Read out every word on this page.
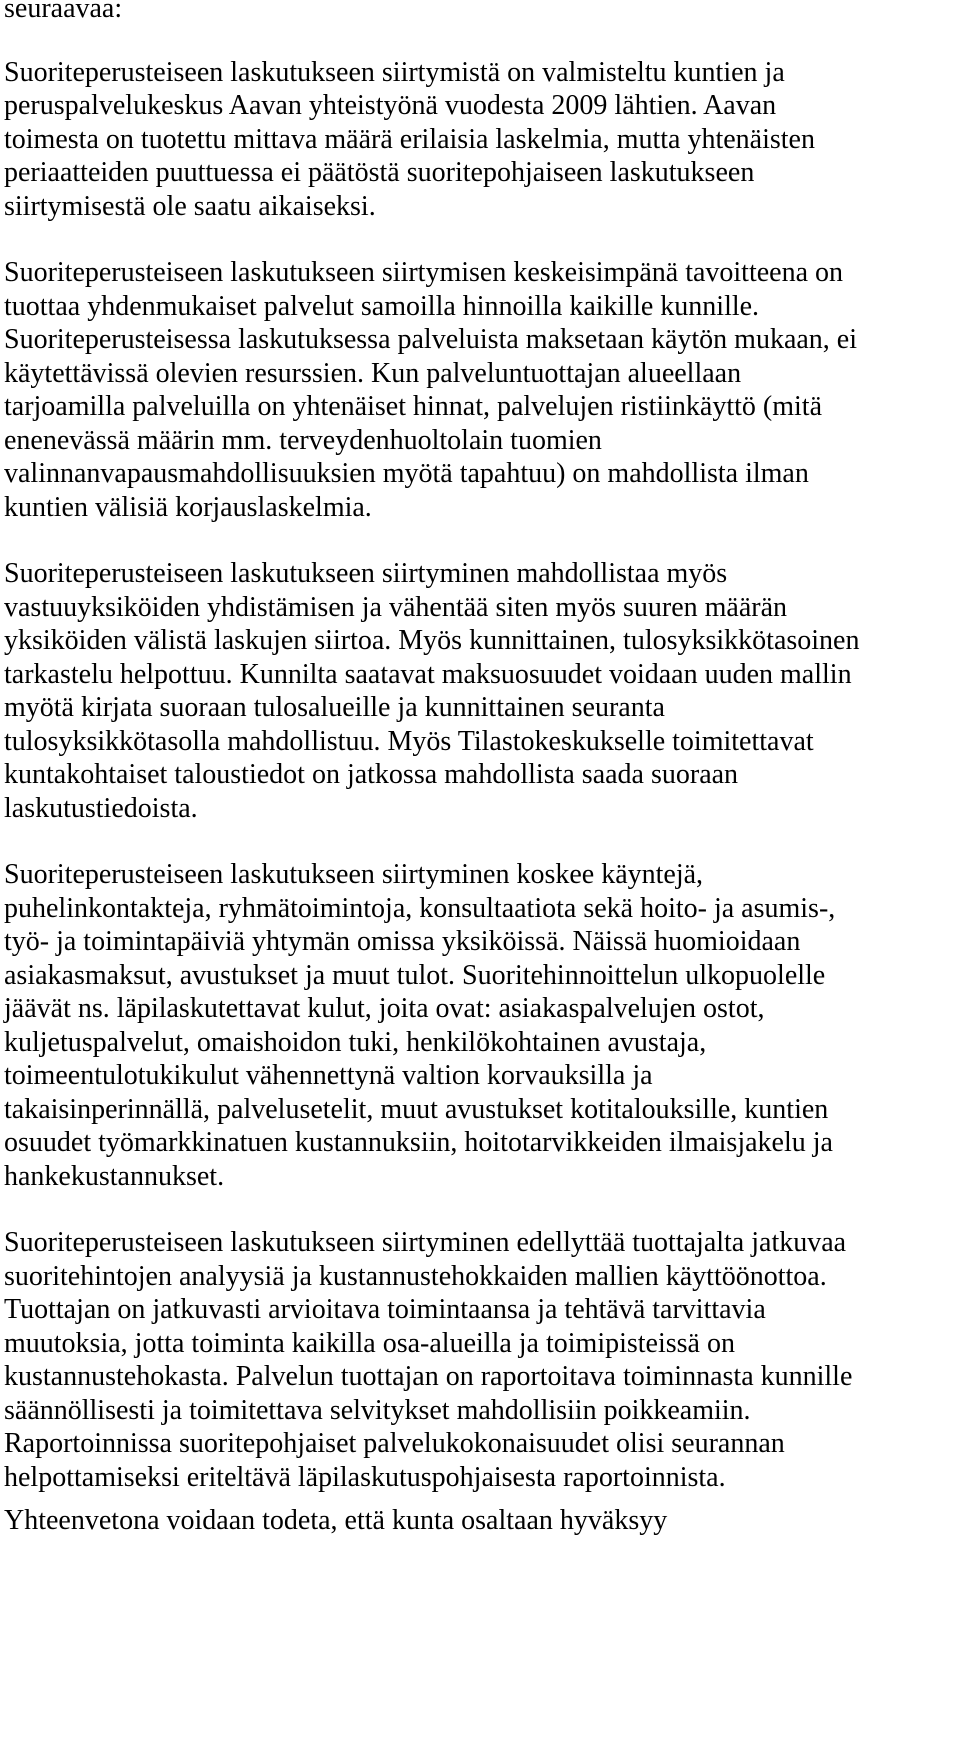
seuraavaa:
Suoriteperusteiseen laskutukseen siirtymistä on valmisteltu kuntien ja
peruspalvelukeskus Aavan yhteistyönä vuodesta 2009 lähtien. Aavan
toimesta on tuotettu mittava määrä erilaisia laskelmia, mutta yhtenäisten
periaatteiden puuttuessa ei päätöstä suoritepohjaiseen laskutukseen
siirtymisestä ole saatu aikaiseksi.
Suoriteperusteiseen laskutukseen siirtymisen keskeisimpänä tavoitteena on
tuottaa yhdenmukaiset palvelut samoilla hinnoilla kaikille kunnille.
Suoriteperusteisessa laskutuksessa palveluista maksetaan käytön mukaan, ei
käytettävissä olevien resurssien. Kun palveluntuottajan alueellaan
tarjoamilla palveluilla on yhtenäiset hinnat, palvelujen ristiinkäyttö (mitä
enenevässä määrin mm. terveydenhuoltolain tuomien
valinnanvapausmahdollisuuksien myötä tapahtuu) on mahdollista ilman
kuntien välisiä korjauslaskelmia.
Suoriteperusteiseen laskutukseen siirtyminen mahdollistaa myös
vastuuyksiköiden yhdistämisen ja vähentää siten myös suuren määrän
yksiköiden välistä laskujen siirtoa. Myös kunnittainen, tulosyksikkötasoinen
tarkastelu helpottuu. Kunnilta saatavat maksuosuudet voidaan uuden mallin
myötä kirjata suoraan tulosalueille ja kunnittainen seuranta
tulosyksikkötasolla mahdollistuu. Myös Tilastokeskukselle toimitettavat
kuntakohtaiset taloustiedot on jatkossa mahdollista saada suoraan
laskutustiedoista.
Suoriteperusteiseen laskutukseen siirtyminen koskee käyntejä,
puhelinkontakteja, ryhmätoimintoja, konsultaatiota sekä hoito- ja asumis-,
työ- ja toimintapäiviä yhtymän omissa yksiköissä. Näissä huomioidaan
asiakasmaksut, avustukset ja muut tulot. Suoritehinnoittelun ulkopuolelle
jäävät ns. läpilaskutettavat kulut, joita ovat: asiakaspalvelujen ostot,
kuljetuspalvelut, omaishoidon tuki, henkilökohtainen avustaja,
toimeentulotukikulut vähennettynä valtion korvauksilla ja
takaisinperinnällä, palvelusetelit, muut avustukset kotitalouksille, kuntien
osuudet työmarkkinatuen kustannuksiin, hoitotarvikkeiden ilmaisjakelu ja
hankekustannukset.
Suoriteperusteiseen laskutukseen siirtyminen edellyttää tuottajalta jatkuvaa
suoritehintojen analyysiä ja kustannustehokkaiden mallien käyttöönottoa.
Tuottajan on jatkuvasti arvioitava toimintaansa ja tehtävä tarvittavia
muutoksia, jotta toiminta kaikilla osa-alueilla ja toimipisteissä on
kustannustehokasta. Palvelun tuottajan on raportoitava toiminnasta kunnille
säännöllisesti ja toimitettava selvitykset mahdollisiin poikkeamiin.
Raportoinnissa suoritepohjaiset palvelukokonaisuudet olisi seurannan
helpottamiseksi eriteltävä läpilaskutuspohjaisesta raportoinnista.
Yhteenvetona voidaan todeta, että kunta osaltaan hyväksyy
